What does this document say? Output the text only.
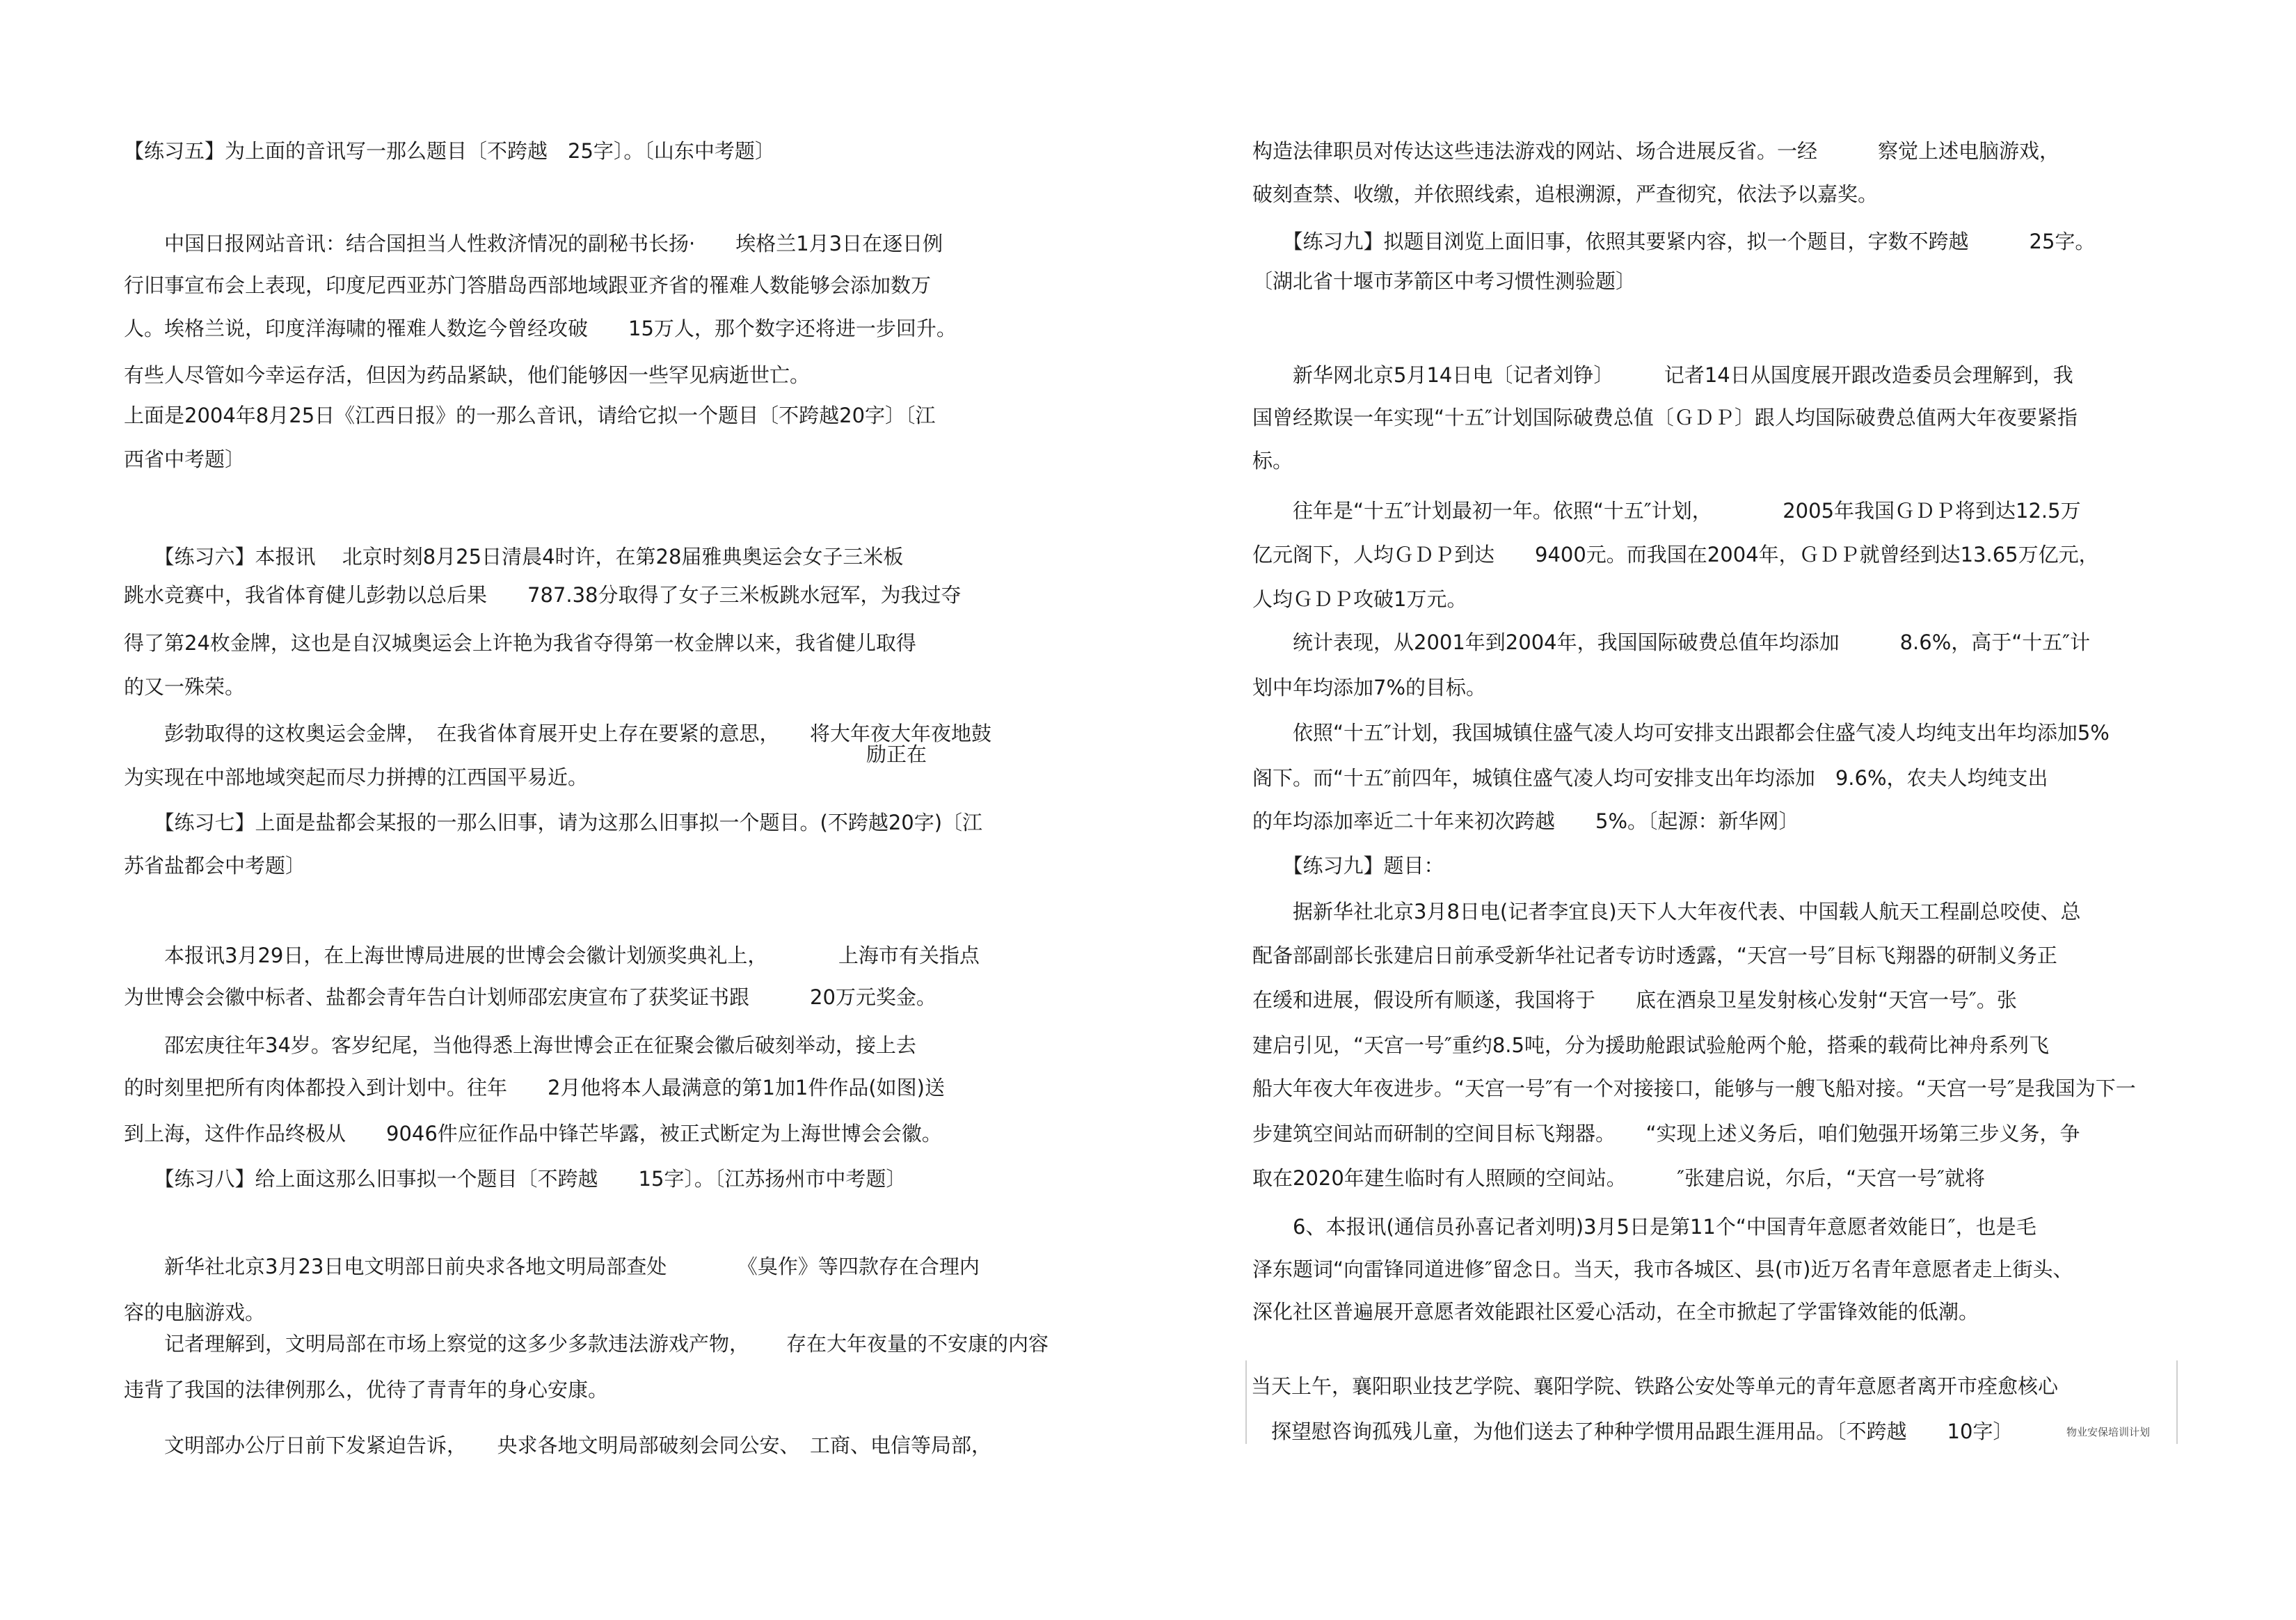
物业安保培训计划
【练习五】为上面的音讯写一那么题目〔不跨越　25字〕。〔山东中考题〕
　　中国日报网站音讯：结合国担当人性救济情况的副秘书长扬·　　埃格兰1月3日在逐日例
行旧事宣布会上表现，印度尼西亚苏门答腊岛西部地域跟亚齐省的罹难人数能够会添加数万
人。埃格兰说，印度洋海啸的罹难人数迄今曾经攻破　　15万人，那个数字还将进一步回升。
有些人尽管如今幸运存活，但因为药品紧缺，他们能够因一些罕见病逝世亡。
上面是2004年8月25日《江西日报》的一那么音讯，请给它拟一个题目〔不跨越20字〕〔江
西省中考题〕
　　【练习六】本报讯　 北京时刻8月25日清晨4时许，在第28届雅典奥运会女子三米板
跳水竞赛中，我省体育健儿彭勃以总后果　　787.38分取得了女子三米板跳水冠军，为我过夺
得了第24枚金牌，这也是自汉城奥运会上许艳为我省夺得第一枚金牌以来，我省健儿取得
的又一殊荣。
　　彭勃取得的这枚奥运会金牌，　在我省体育展开史上存在要紧的意思，　　将大年夜大年夜地鼓
励正在
为实现在中部地域突起而尽力拼搏的江西国平易近。
　　【练习七】上面是盐都会某报的一那么旧事，请为这那么旧事拟一个题目。(不跨越20字)〔江
苏省盐都会中考题〕
　　本报讯3月29日，在上海世博局进展的世博会会徽计划颁奖典礼上，　　　　上海市有关指点
为世博会会徽中标者、盐都会青年告白计划师邵宏庚宣布了获奖证书跟　　　20万元奖金。
　　邵宏庚往年34岁。客岁纪尾，当他得悉上海世博会正在征聚会徽后破刻举动，接上去
的时刻里把所有肉体都投入到计划中。往年　　2月他将本人最满意的第1加1件作品(如图)送
到上海，这件作品终极从　　9046件应征作品中锋芒毕露，被正式断定为上海世博会会徽。
　　【练习八】给上面这那么旧事拟一个题目〔不跨越　　15字〕。〔江苏扬州市中考题〕
　　新华社北京3月23日电文明部日前央求各地文明局部查处　　　　《臭作》等四款存在合理内
容的电脑游戏。
　　记者理解到，文明局部在市场上察觉的这多少多款违法游戏产物， 存在大年夜量的不安康的内容
违背了我国的法律例那么，优待了青青年的身心安康。
　　文明部办公厅日前下发紧迫告诉，　　央求各地文明局部破刻会同公安、　工商、电信等局部，
构造法律职员对传达这些违法游戏的网站、场合进展反省。一经　　　察觉上述电脑游戏，
破刻查禁、收缴，并依照线索，追根溯源，严查彻究，依法予以嘉奖。
　　【练习九】拟题目浏览上面旧事，依照其要紧内容，拟一个题目，字数不跨越　　　25字。
〔湖北省十堰市茅箭区中考习惯性测验题〕
　　新华网北京5月14日电〔记者刘铮〕　　　记者14日从国度展开跟改造委员会理解到，我
国曾经欺误一年实现“十五″计划国际破费总值〔ＧＤＰ〕跟人均国际破费总值两大年夜要紧指
标。
　　往年是“十五″计划最初一年。依照“十五″计划，　　　　2005年我国ＧＤＰ将到达12.5万
亿元阁下，人均ＧＤＰ到达　　9400元。而我国在2004年，ＧＤＰ就曾经到达13.65万亿元，
人均ＧＤＰ攻破1万元。
　　统计表现，从2001年到2004年，我国国际破费总值年均添加　　　8.6%，高于“十五″计
划中年均添加7%的目标。
　　依照“十五″计划，我国城镇住盛气凌人均可安排支出跟都会住盛气凌人均纯支出年均添加5%
阁下。而“十五″前四年，城镇住盛气凌人均可安排支出年均添加　9.6%，农夫人均纯支出
的年均添加率近二十年来初次跨越　　5%。〔起源：新华网〕
　　【练习九】题目：
　　据新华社北京3月8日电(记者李宜良)天下人大年夜代表、中国载人航天工程副总咬使、总
配备部副部长张建启日前承受新华社记者专访时透露，“天宫一号″目标飞翔器的研制义务正
在缓和进展，假设所有顺遂，我国将于　　底在酒泉卫星发射核心发射“天宫一号″。张
建启引见，“天宫一号″重约8.5吨，分为援助舱跟试验舱两个舱，搭乘的载荷比神舟系列飞
船大年夜大年夜进步。“天宫一号″有一个对接接口，能够与一艘飞船对接。“天宫一号″是我国为下一
步建筑空间站而研制的空间目标飞翔器。　　“实现上述义务后，咱们勉强开场第三步义务，争
取在2020年建生临时有人照顾的空间站。　　　″张建启说，尔后，“天宫一号″就将
　　6、本报讯(通信员孙喜记者刘明)3月5日是第11个“中国青年意愿者效能日″，也是毛
泽东题词“向雷锋同道进修″留念日。当天，我市各城区、县(市)近万名青年意愿者走上街头、
深化社区普遍展开意愿者效能跟社区爱心活动，在全市掀起了学雷锋效能的低潮。
当天上午，襄阳职业技艺学院、襄阳学院、铁路公安处等单元的青年意愿者离开市痊愈核心
　探望慰咨询孤残儿童，为他们送去了种种学惯用品跟生涯用品。〔不跨越　　10字〕
